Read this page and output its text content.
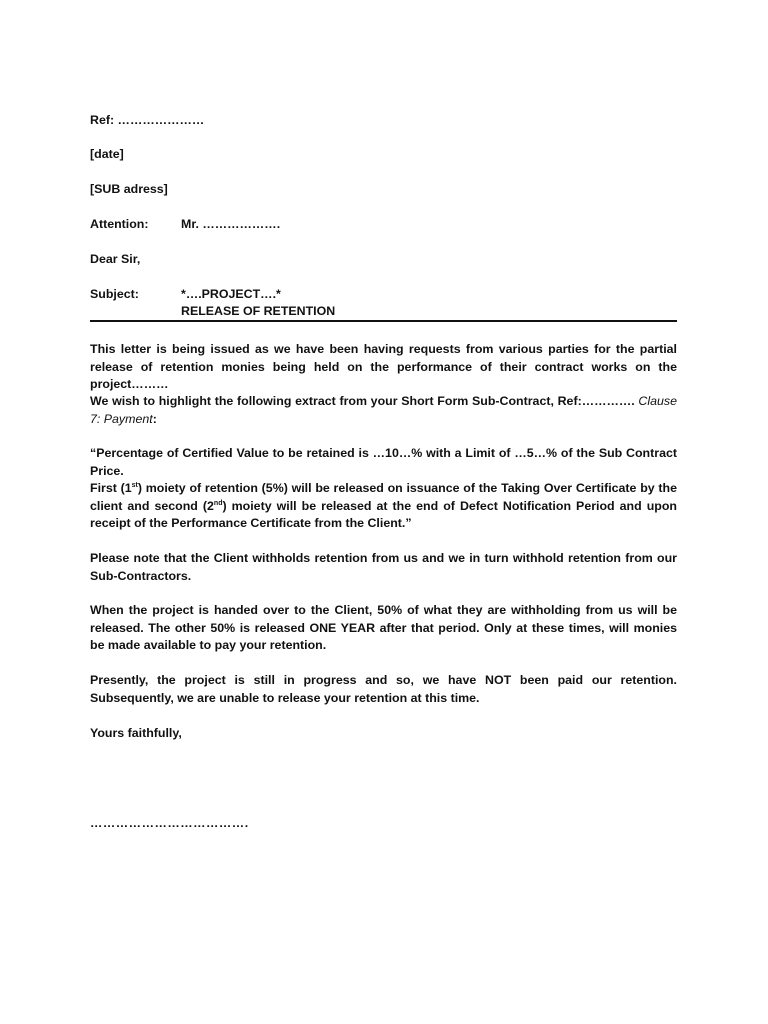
Ref: …………………
[date]
[SUB adress]
Attention:	Mr. ……………….
Dear Sir,
Subject:	*….PROJECT….*
RELEASE OF RETENTION
This letter is being issued as we have been having requests from various parties for the partial release of retention monies being held on the performance of their contract works on the project………
We wish to highlight the following extract from your Short Form Sub-Contract, Ref:…………. Clause 7: Payment:
“Percentage of Certified Value to be retained is …10…% with a Limit of …5…% of the Sub Contract Price.
First (1st) moiety of retention (5%) will be released on issuance of the Taking Over Certificate by the client and second (2nd) moiety will be released at the end of Defect Notification Period and upon receipt of the Performance Certificate from the Client.”
Please note that the Client withholds retention from us and we in turn withhold retention from our Sub-Contractors.
When the project is handed over to the Client, 50% of what they are withholding from us will be released. The other 50% is released ONE YEAR after that period. Only at these times, will monies be made available to pay your retention.
Presently, the project is still in progress and so, we have NOT been paid our retention. Subsequently, we are unable to release your retention at this time.
Yours faithfully,
……………………………….
